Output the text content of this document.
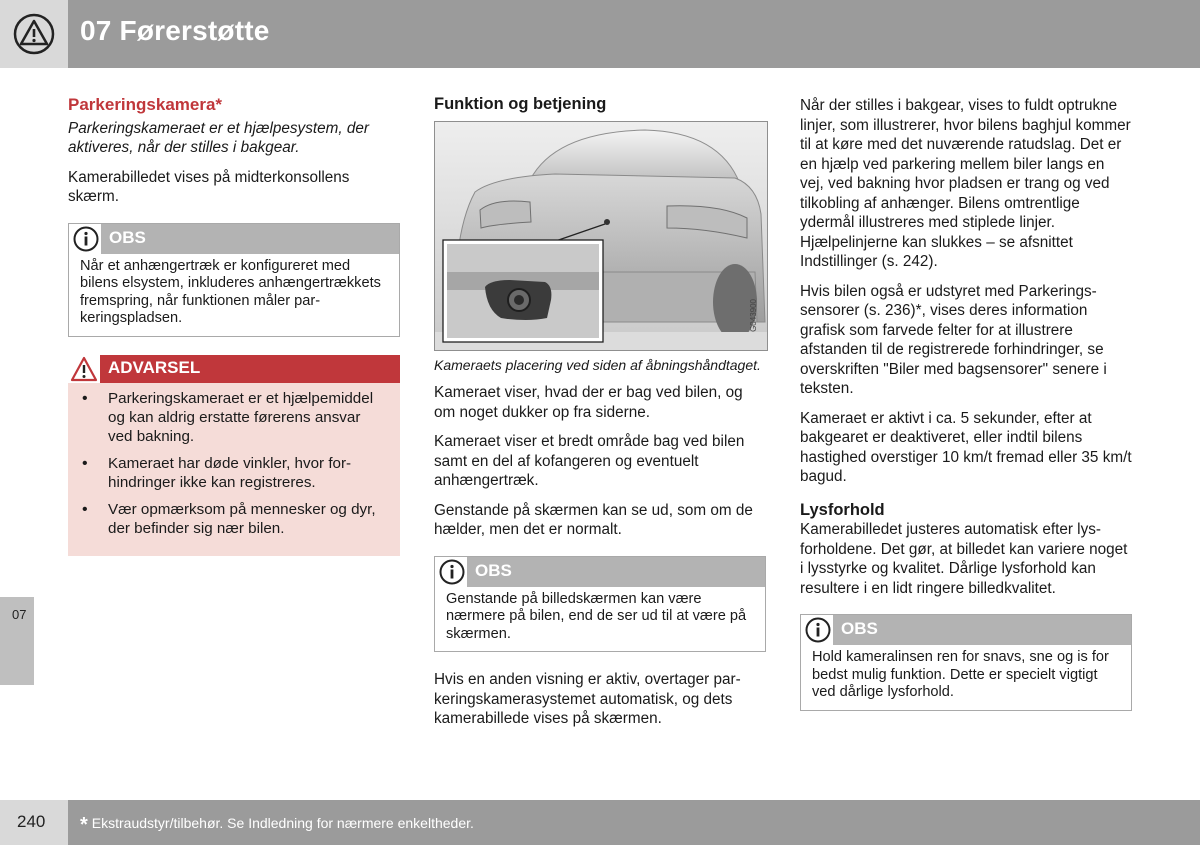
07 Førerstøtte
07
Parkeringskamera*

Parkeringskameraet er et hjælpesystem, der aktiveres, når der stilles i bakgear.

Kamerabilledet vises på midterkonsollens skærm.

OBS
Når et anhængertræk er konfigureret med bilens elsystem, inkluderes anhængertrækkets fremspring, når funktionen måler parkeringspladsen.
ADVARSEL
• Parkeringskameraet er et hjælpemiddel og kan aldrig erstatte førerens ansvar ved bakning.
• Kameraet har døde vinkler, hvor forhindringer ikke kan registreres.
• Vær opmærksom på mennesker og dyr, der befinder sig nær bilen.
Funktion og betjening
G043900

Kameraets placering ved siden af åbningshåndtaget.

Kameraet viser, hvad der er bag ved bilen, og om noget dukker op fra siderne.

Kameraet viser et bredt område bag ved bilen samt en del af kofangeren og eventuelt anhængertræk.

Genstande på skærmen kan se ud, som om de hælder, men det er normalt.

OBS
Genstande på billedskærmen kan være nærmere på bilen, end de ser ud til at være på skærmen.

Hvis en anden visning er aktiv, overtager parkeringskamerasystemet automatisk, og dets kamerabillede vises på skærmen.

Når der stilles i bakgear, vises to fuldt optrukne linjer, som illustrerer, hvor bilens baghjul kommer til at køre med det nuværende ratudslag. Det er en hjælp ved parkering mellem biler langs en vej, ved bakning hvor pladsen er trang og ved tilkobling af anhænger. Bilens omtrentlige ydermål illustreres med stiplede linjer. Hjælpelinjerne kan slukkes – se afsnittet Indstillinger (s. 242).

Hvis bilen også er udstyret med Parkeringssensorer (s. 236)*, vises deres information grafisk som farvede felter for at illustrere afstanden til de registrerede forhindringer, se overskriften "Biler med bagsensorer" senere i teksten.

Kameraet er aktivt i ca. 5 sekunder, efter at bakgearet er deaktiveret, eller indtil bilens hastighed overstiger 10 km/t fremad eller 35 km/t bagud.

Lysforhold

Kamerabilledet justeres automatisk efter lysforholdene. Det gør, at billedet kan variere noget i lysstyrke og kvalitet. Dårlige lysforhold kan resultere i en lidt ringere billedkvalitet.

OBS
Hold kameralinsen ren for snavs, sne og is for bedst mulig funktion. Dette er specielt vigtigt ved dårlige lysforhold.
240 * Ekstraudstyr/tilbehør. Se Indledning for nærmere enkeltheder.
